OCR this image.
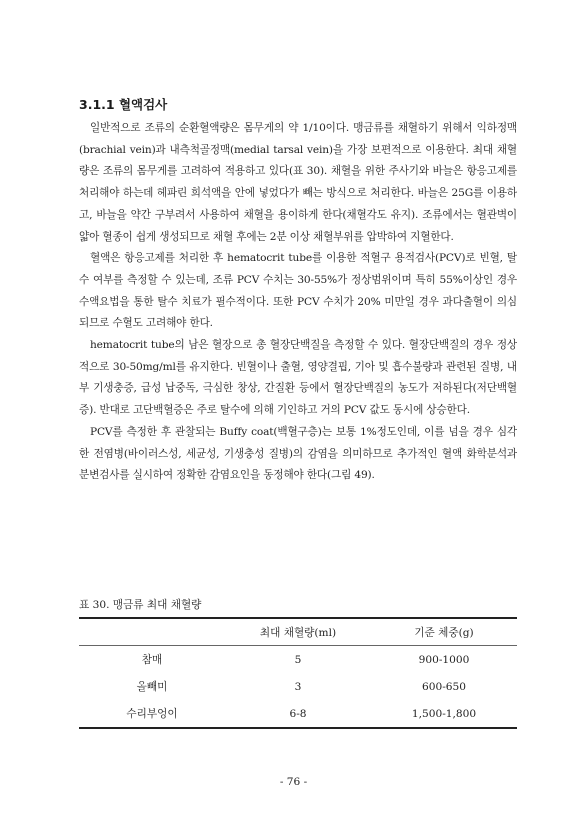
3.1.1 혈액검사

일반적으로 조류의 순환혈액량은 몸무게의 약 1/10이다. 맹금류를 채혈하기 위해서 익하정맥(brachial vein)과 내측척골정맥(medial tarsal vein)을 가장 보편적으로 이용한다. 최대 채혈량은 조류의 몸무게를 고려하여 적용하고 있다(표 30). 채혈을 위한 주사기와 바늘은 항응고제를 처리해야 하는데 헤파린 희석액을 안에 넣었다가 빼는 방식으로 처리한다. 바늘은 25G를 이용하고, 바늘을 약간 구부려서 사용하여 채혈을 용이하게 한다(채혈각도 유지). 조류에서는 혈관벽이 얇아 혈종이 쉽게 생성되므로 채혈 후에는 2분 이상 채혈부위를 압박하여 지혈한다.

혈액은 항응고제를 처리한 후 hematocrit tube를 이용한 적혈구 용적검사(PCV)로 빈혈, 탈수 여부를 측정할 수 있는데, 조류 PCV 수치는 30-55%가 정상범위이며 특히 55%이상인 경우 수액요법을 통한 탈수 치료가 필수적이다. 또한 PCV 수치가 20% 미만일 경우 과다출혈이 의심되므로 수혈도 고려해야 한다.

hematocrit tube의 남은 혈장으로 총 혈장단백질을 측정할 수 있다. 혈장단백질의 경우 정상적으로 30-50mg/ml를 유지한다. 빈혈이나 출혈, 영양결핍, 기아 및 흡수불량과 관련된 질병, 내부 기생충증, 급성 납중독, 극심한 창상, 간질환 등에서 혈장단백질의 농도가 저하된다(저단백혈증). 반대로 고단백혈증은 주로 탈수에 의해 기인하고 거의 PCV 값도 동시에 상승한다.

PCV를 측정한 후 관찰되는 Buffy coat(백혈구층)는 보통 1%정도인데, 이를 넘을 경우 심각한 전염병(바이러스성, 세균성, 기생충성 질병)의 감염을 의미하므로 추가적인 혈액 화학분석과 분변검사를 실시하여 정확한 감염요인을 동정해야 한다(그림 49).

표 30. 맹금류 최대 채혈량
	최대 채혈량(ml)	기준 체중(g)
참매	5	900-1000
올빼미	3	600-650
수리부엉이	6-8	1,500-1,800
- 76 -
